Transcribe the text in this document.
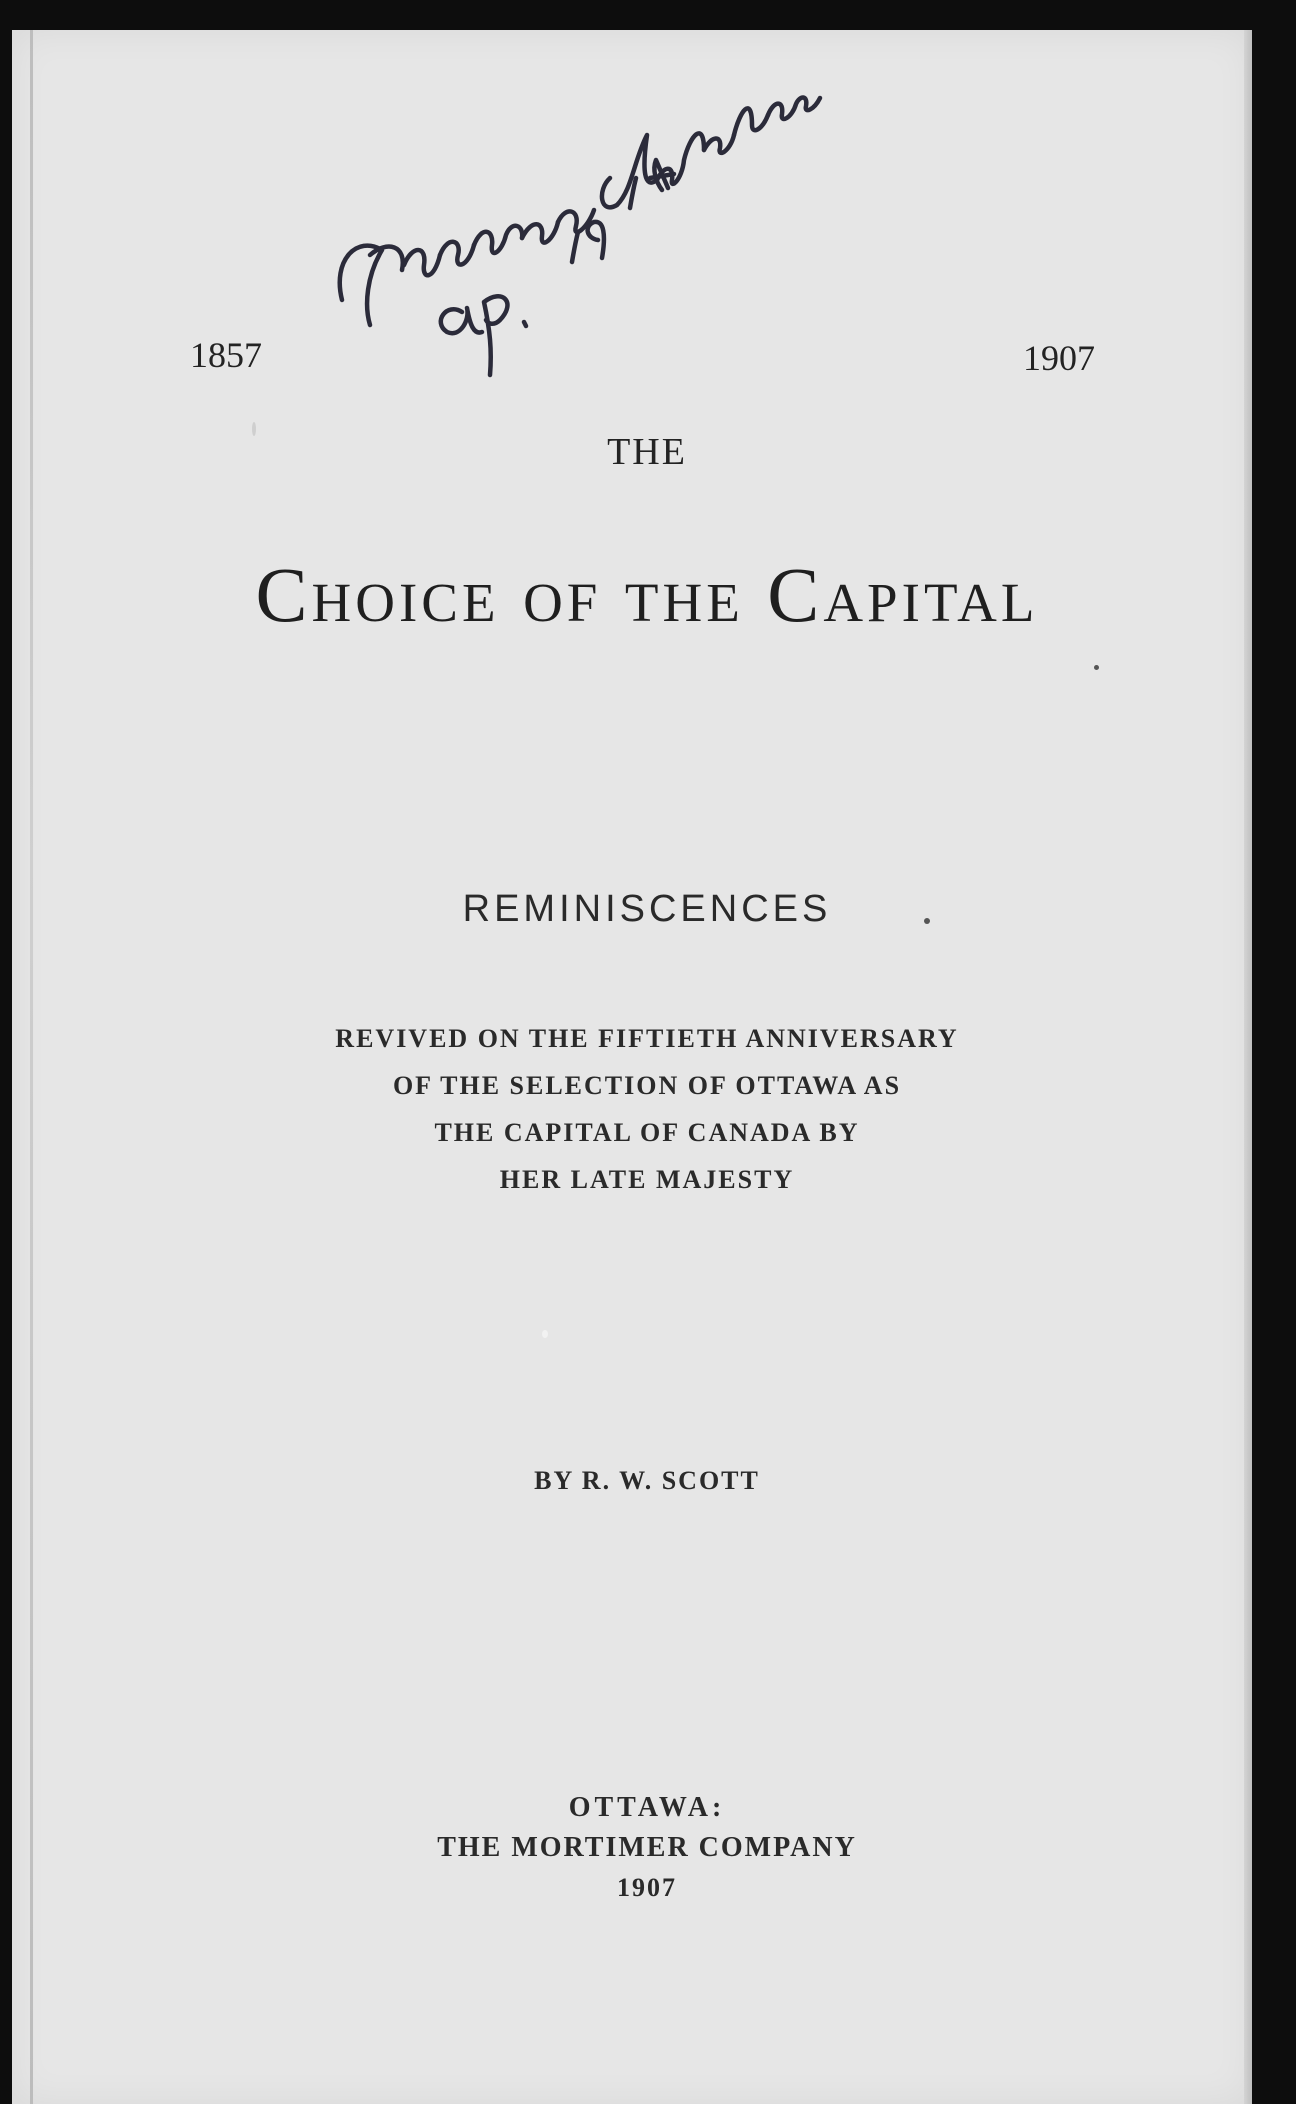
1857	1907
THE
Choice of the Capital
REMINISCENCES
REVIVED ON THE FIFTIETH ANNIVERSARY
OF THE SELECTION OF OTTAWA AS
THE CAPITAL OF CANADA BY
HER LATE MAJESTY
BY R. W. SCOTT
OTTAWA:
THE MORTIMER COMPANY
1907
